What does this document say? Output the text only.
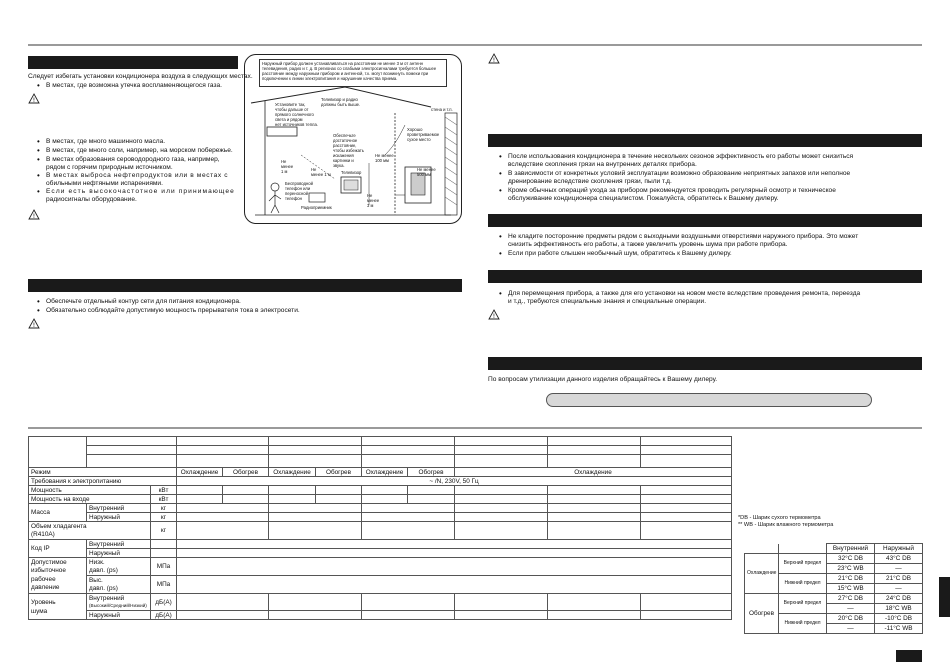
Следует избегать установки кондиционера воздуха в следующих местах.
• В местах, где возможна утечка воспламеняющегося газа.
!
• В местах, где много машинного масла.
• В местах, где много соли, например, на морском побережье.
• В местах образования сероводородного газа, например,
рядом с горячим природным источником.
• В местах выброса нефтепродуктов или в местах с
обильными нефтяными испарениями.
• Если есть высокочастотное или принимающее
радиосигналы оборудование.
!
Наружный прибор должен устанавливаться на расстоянии не менее 3 м от антенн
телевидения, радио и т. д. В регионах со слабыми электросигналами требуется большее
расстояние между наружным прибором и антенной, т.к. могут возникнуть помехи при
подключении к линии электропитания и нарушение качества приема.
Установите так,
чтобы дальше от
прямого солнечного
света и рядом
нет источников тепла.
Телевизор и радио
должны быть выше.
Обеспечьте
достаточное
расстояние,
чтобы избежать
искажения
картинки и
звука.
Не менее
100 мм
Хорошо
проветриваемое
сухое место
Не менее
500 мм
Не
менее
3 м
Телевизор
Радиоприемник
Беспроводной
телефон или
переносной
телефон
Не
менее
1 м	Не
менее 1 м
стена и т.п.
• Обеспечьте отдельный контур сети для питания кондиционера.
• Обязательно соблюдайте допустимую мощность прерывателя тока в электросети.
!
!
• После использования кондиционера в течение нескольких сезонов эффективность его работы может снизиться
вследствие скопления грязи на внутренних деталях прибора.
• В зависимости от конкретных условий эксплуатации возможно образование неприятных запахов или неполное
дренирование вследствие скопления грязи, пыли т.д.
• Кроме обычных операций ухода за прибором рекомендуется проводить регулярный осмотр и техническое
обслуживание кондиционера специалистом. Пожалуйста, обратитесь к Вашему дилеру.
• Не кладите посторонние предметы рядом с выходными воздушными отверстиями наружного прибора. Это может
снизить эффективность его работы, а также увеличить уровень шума при работе прибора.
• Если при работе слышен необычный шум, обратитесь к Вашему дилеру.
• Для перемещения прибора, а также для его установки на новом месте вследствие проведения ремонта, переезда
и т.д., требуются специальные знания и специальные операции.
!
По вопросам утилизации данного изделия обращайтесь к Вашему дилеру.

Режим			Охлаждение	Обогрев	Охлаждение	Обогрев	Охлаждение	Обогрев	Охлаждение		
Требования к электропитанию			~ /N, 230V, 50 Гц								
Мощность		кВт									
Мощность на входе		кВт									
Масса	Внутренний	кг									
	Наружный	кг									
Объем хладагента
(R410A)		кг									
Код IP	Внутренний										
	Наружный										
Допустимое
избыточное
рабочее
давление	Низк.
давл. (ps)	МПа									
	Выс.
давл. (ps)	МПа									
Уровень
шума	Внутренний
(Высокий/Средний/Низкий)	дБ(А)									
	Наружный	дБ(А)									
*DB - Шарик сухого термометра
** WB - Шарик влажного термометра
		Внутренний	Наружный
Охлаждение	Верхний предел	32°C DB	43°C DB
		23°C WB	—
	Нижний предел	21°C DB	21°C DB
		15°C WB	—
Обогрев	Верхний предел	27°C DB	24°C DB
		—	18°C WB
	Нижний предел	20°C DB	-10°C DB
		—	-11°C WB
